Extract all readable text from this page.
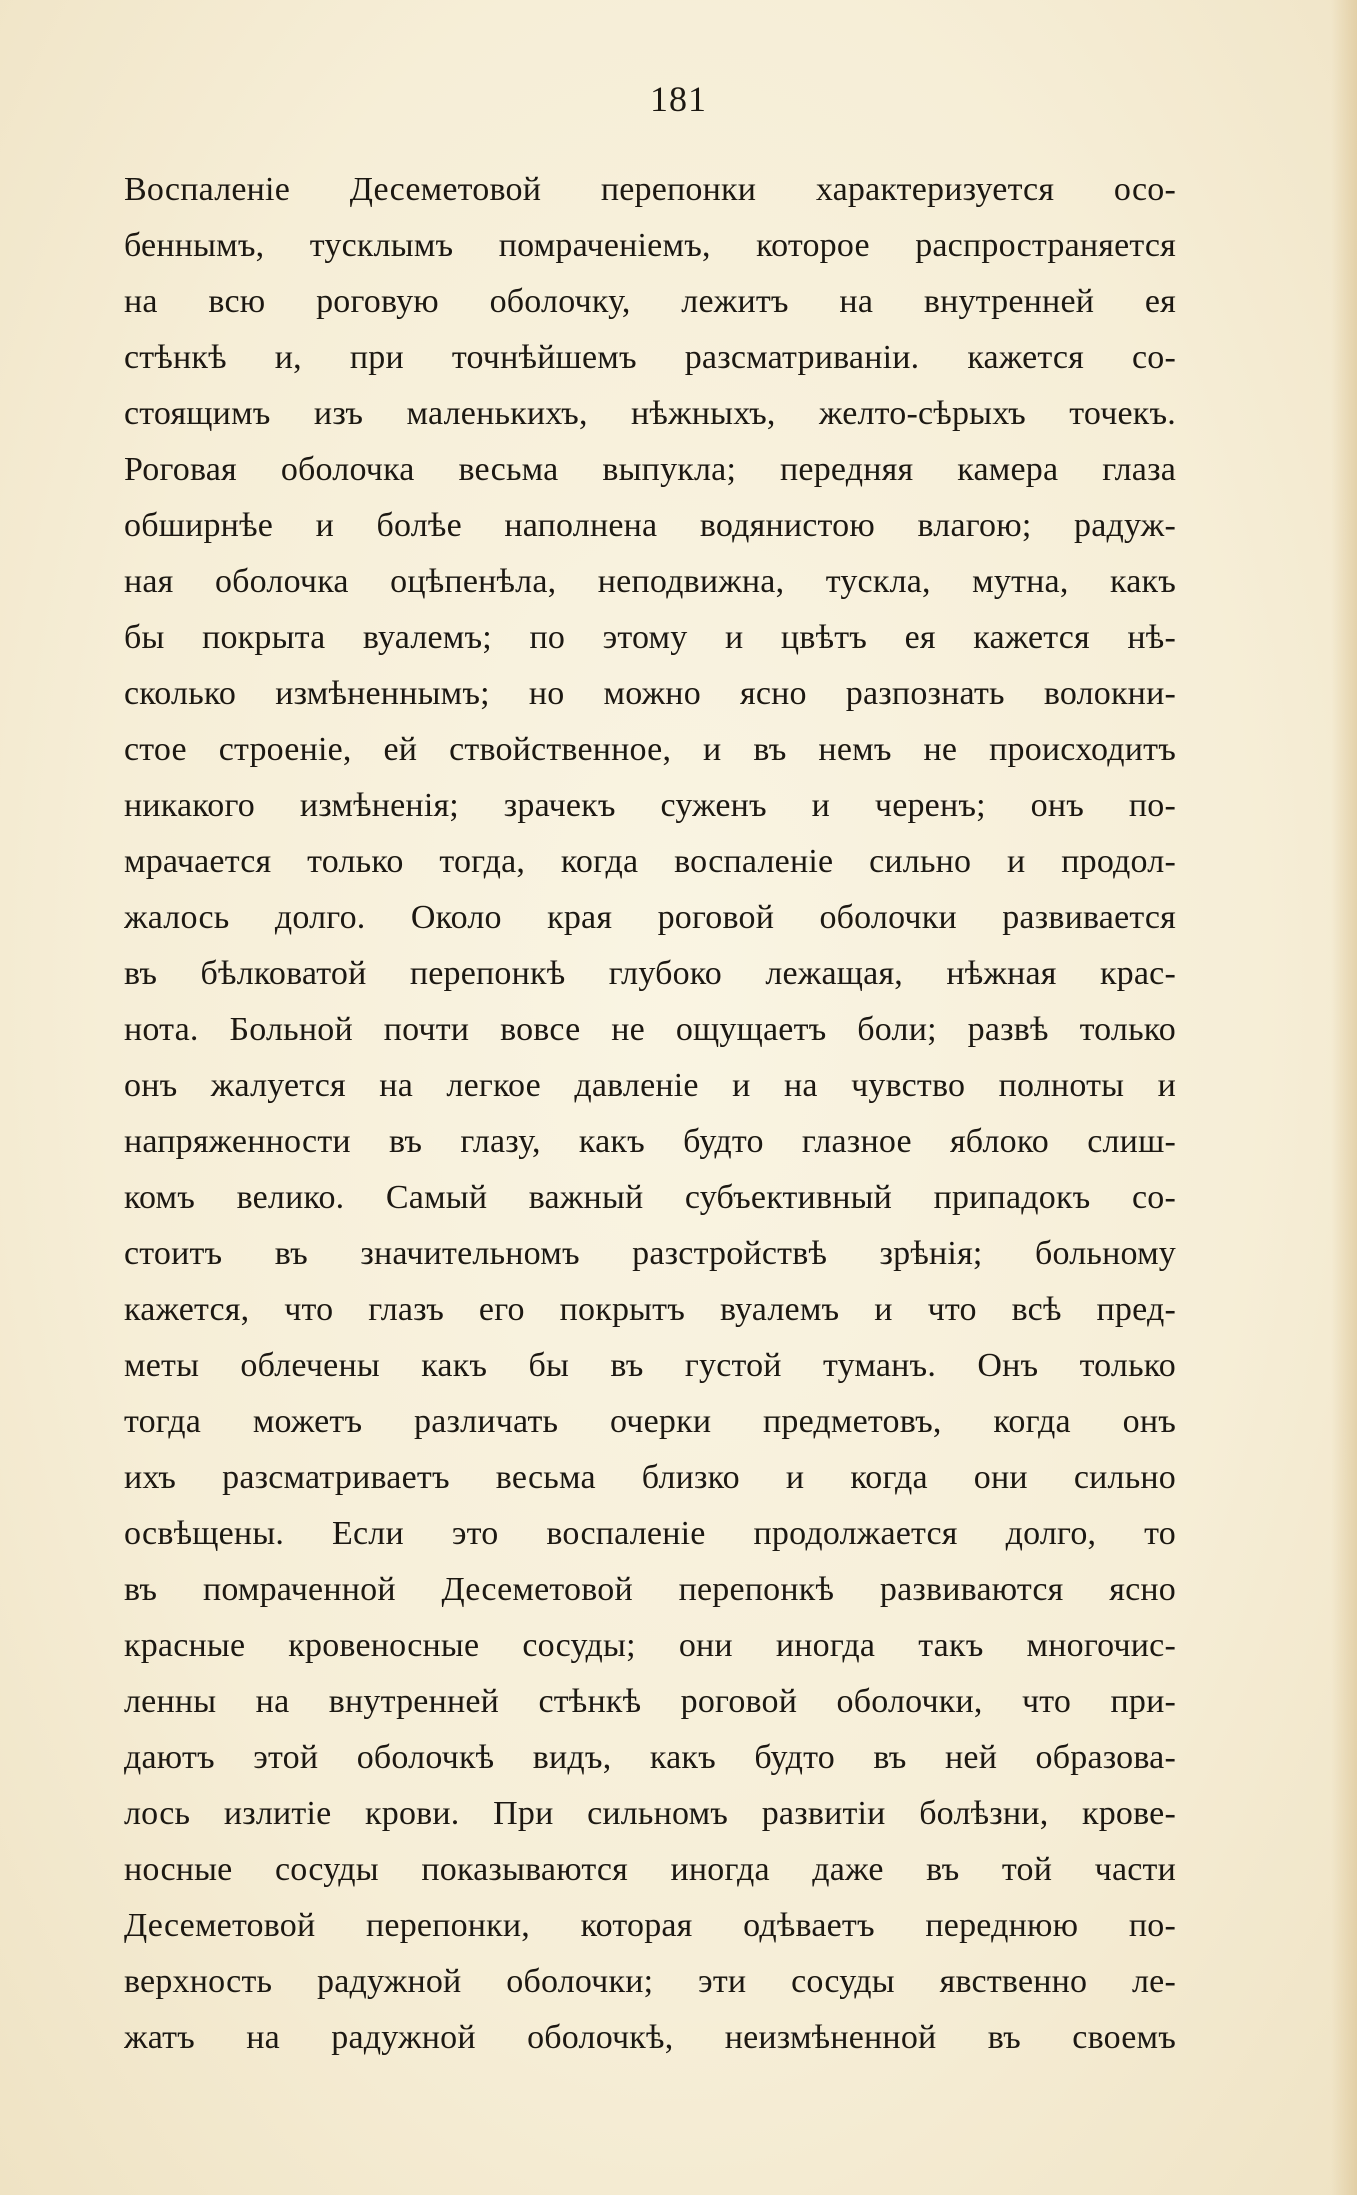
181
Воспаленіе Десеметовой перепонки характеризуется осо-
беннымъ, тусклымъ помраченіемъ, которое распространяется
на всю роговую оболочку, лежитъ на внутренней ея
стѣнкѣ и, при точнѣйшемъ разсматриваніи. кажется со-
стоящимъ изъ маленькихъ, нѣжныхъ, желто-сѣрыхъ точекъ.
Роговая оболочка весьма выпукла; передняя камера глаза
обширнѣе и болѣе наполнена водянистою влагою; радуж-
ная оболочка оцѣпенѣла, неподвижна, тускла, мутна, какъ
бы покрыта вуалемъ; по этому и цвѣтъ ея кажется нѣ-
сколько измѣненнымъ; но можно ясно разпознать волокни-
стое строеніе, ей ствойственное, и въ немъ не происходитъ
никакого измѣненія; зрачекъ суженъ и черенъ; онъ по-
мрачается только тогда, когда воспаленіе сильно и продол-
жалось долго. Около края роговой оболочки развивается
въ бѣлковатой перепонкѣ глубоко лежащая, нѣжная крас-
нота. Больной почти вовсе не ощущаетъ боли; развѣ только
онъ жалуется на легкое давленіе и на чувство полноты и
напряженности въ глазу, какъ будто глазное яблоко слиш-
комъ велико. Самый важный субъективный припадокъ со-
стоитъ въ значительномъ разстройствѣ зрѣнія; больному
кажется, что глазъ его покрытъ вуалемъ и что всѣ пред-
меты облечены какъ бы въ густой туманъ. Онъ только
тогда можетъ различать очерки предметовъ, когда онъ
ихъ разсматриваетъ весьма близко и когда они сильно
освѣщены. Если это воспаленіе продолжается долго, то
въ помраченной Десеметовой перепонкѣ развиваются ясно
красные кровеносные сосуды; они иногда такъ многочис-
ленны на внутренней стѣнкѣ роговой оболочки, что при-
даютъ этой оболочкѣ видъ, какъ будто въ ней образова-
лось излитіе крови. При сильномъ развитіи болѣзни, крове-
носные сосуды показываются иногда даже въ той части
Десеметовой перепонки, которая одѣваетъ переднюю по-
верхность радужной оболочки; эти сосуды явственно ле-
жатъ на радужной оболочкѣ, неизмѣненной въ своемъ
